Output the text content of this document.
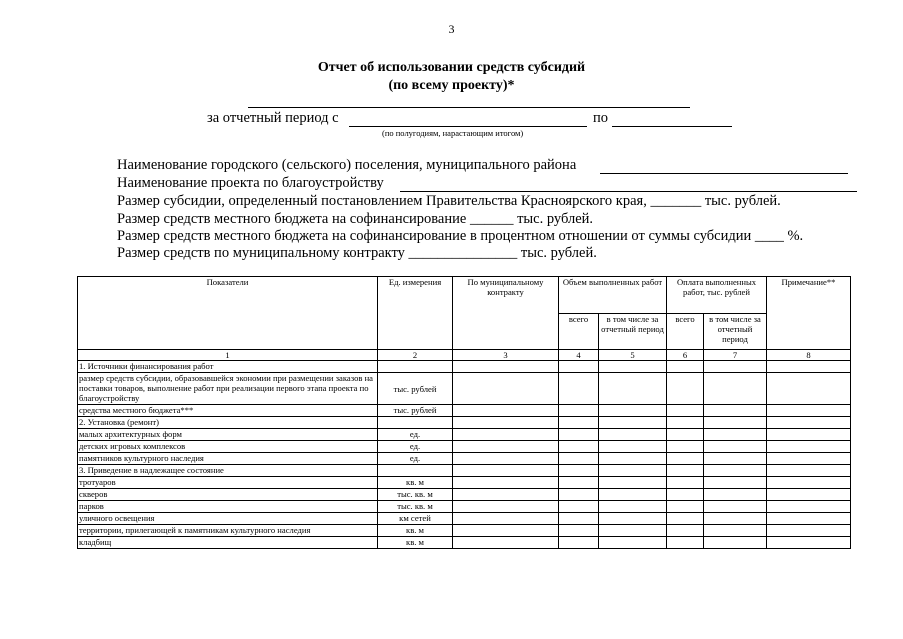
3
Отчет об использовании средств субсидий
(по всему проекту)*
за отчетный период с	по
(по полугодиям, нарастающим итогом)
Наименование городского (сельского) поселения, муниципального района
Наименование проекта по благоустройству
Размер субсидии, определенный постановлением Правительства Красноярского края, _______ тыс. рублей.
Размер средств местного бюджета на софинансирование ______ тыс. рублей.
Размер средств местного бюджета на софинансирование в процентном отношении от суммы субсидии ____ %.
Размер средств по муниципальному контракту _______________ тыс. рублей.
Показатели	Ед. измерения	По муниципальному контракту	Объем выполненных работ		Оплата выполненных работ, тыс. рублей		Примечание**
			всего	в том числе за отчетный период	всего	в том числе за отчетный период	
1	2	3	4	5	6	7	8
1. Источники финансирования работ							
размер средств субсидии, образовавшейся экономии при размещении заказов на поставки товаров, выполнение работ при реализации первого этапа проекта по благоустройству	тыс. рублей						
средства местного бюджета***	тыс. рублей						
2. Установка (ремонт)							
малых архитектурных форм	ед.						
детских игровых комплексов	ед.						
памятников культурного наследия	ед.						
3. Приведение в надлежащее состояние							
тротуаров	кв. м						
скверов	тыс. кв. м						
парков	тыс. кв. м						
уличного освещения	км сетей						
территории, прилегающей к памятникам культурного наследия	кв. м						
кладбищ	кв. м						
